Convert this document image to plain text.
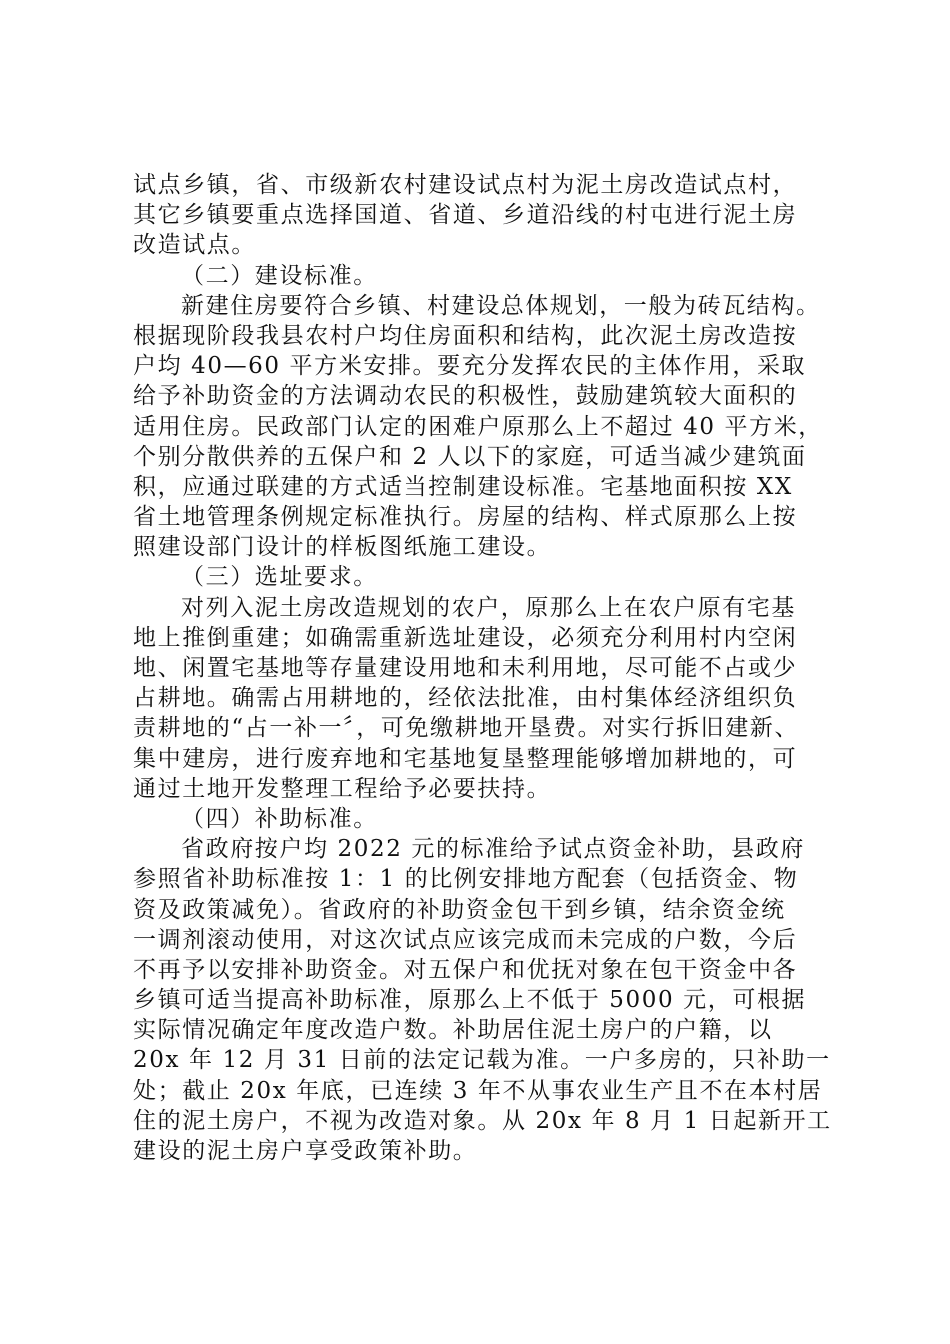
试点乡镇，省、市级新农村建设试点村为泥土房改造试点村，
其它乡镇要重点选择国道、省道、乡道沿线的村屯进行泥土房
改造试点。
（二）建设标准。
新建住房要符合乡镇、村建设总体规划，一般为砖瓦结构。
根据现阶段我县农村户均住房面积和结构，此次泥土房改造按
户均 40—60 平方米安排。要充分发挥农民的主体作用，采取
给予补助资金的方法调动农民的积极性，鼓励建筑较大面积的
适用住房。民政部门认定的困难户原那么上不超过 40 平方米，
个别分散供养的五保户和 2 人以下的家庭，可适当减少建筑面
积，应通过联建的方式适当控制建设标准。宅基地面积按 XX
省土地管理条例规定标准执行。房屋的结构、样式原那么上按
照建设部门设计的样板图纸施工建设。
（三）选址要求。
对列入泥土房改造规划的农户，原那么上在农户原有宅基
地上推倒重建；如确需重新选址建设，必须充分利用村内空闲
地、闲置宅基地等存量建设用地和未利用地，尽可能不占或少
占耕地。确需占用耕地的，经依法批准，由村集体经济组织负
责耕地的“占一补一〞，可免缴耕地开垦费。对实行拆旧建新、
集中建房，进行废弃地和宅基地复垦整理能够增加耕地的，可
通过土地开发整理工程给予必要扶持。
（四）补助标准。
省政府按户均 2022 元的标准给予试点资金补助，县政府
参照省补助标准按 1：1 的比例安排地方配套（包括资金、物
资及政策减免）。省政府的补助资金包干到乡镇，结余资金统
一调剂滚动使用，对这次试点应该完成而未完成的户数，今后
不再予以安排补助资金。对五保户和优抚对象在包干资金中各
乡镇可适当提高补助标准，原那么上不低于 5000 元，可根据
实际情况确定年度改造户数。补助居住泥土房户的户籍，以
20x 年 12 月 31 日前的法定记载为准。一户多房的，只补助一
处；截止 20x 年底，已连续 3 年不从事农业生产且不在本村居
住的泥土房户，不视为改造对象。从 20x 年 8 月 1 日起新开工
建设的泥土房户享受政策补助。
